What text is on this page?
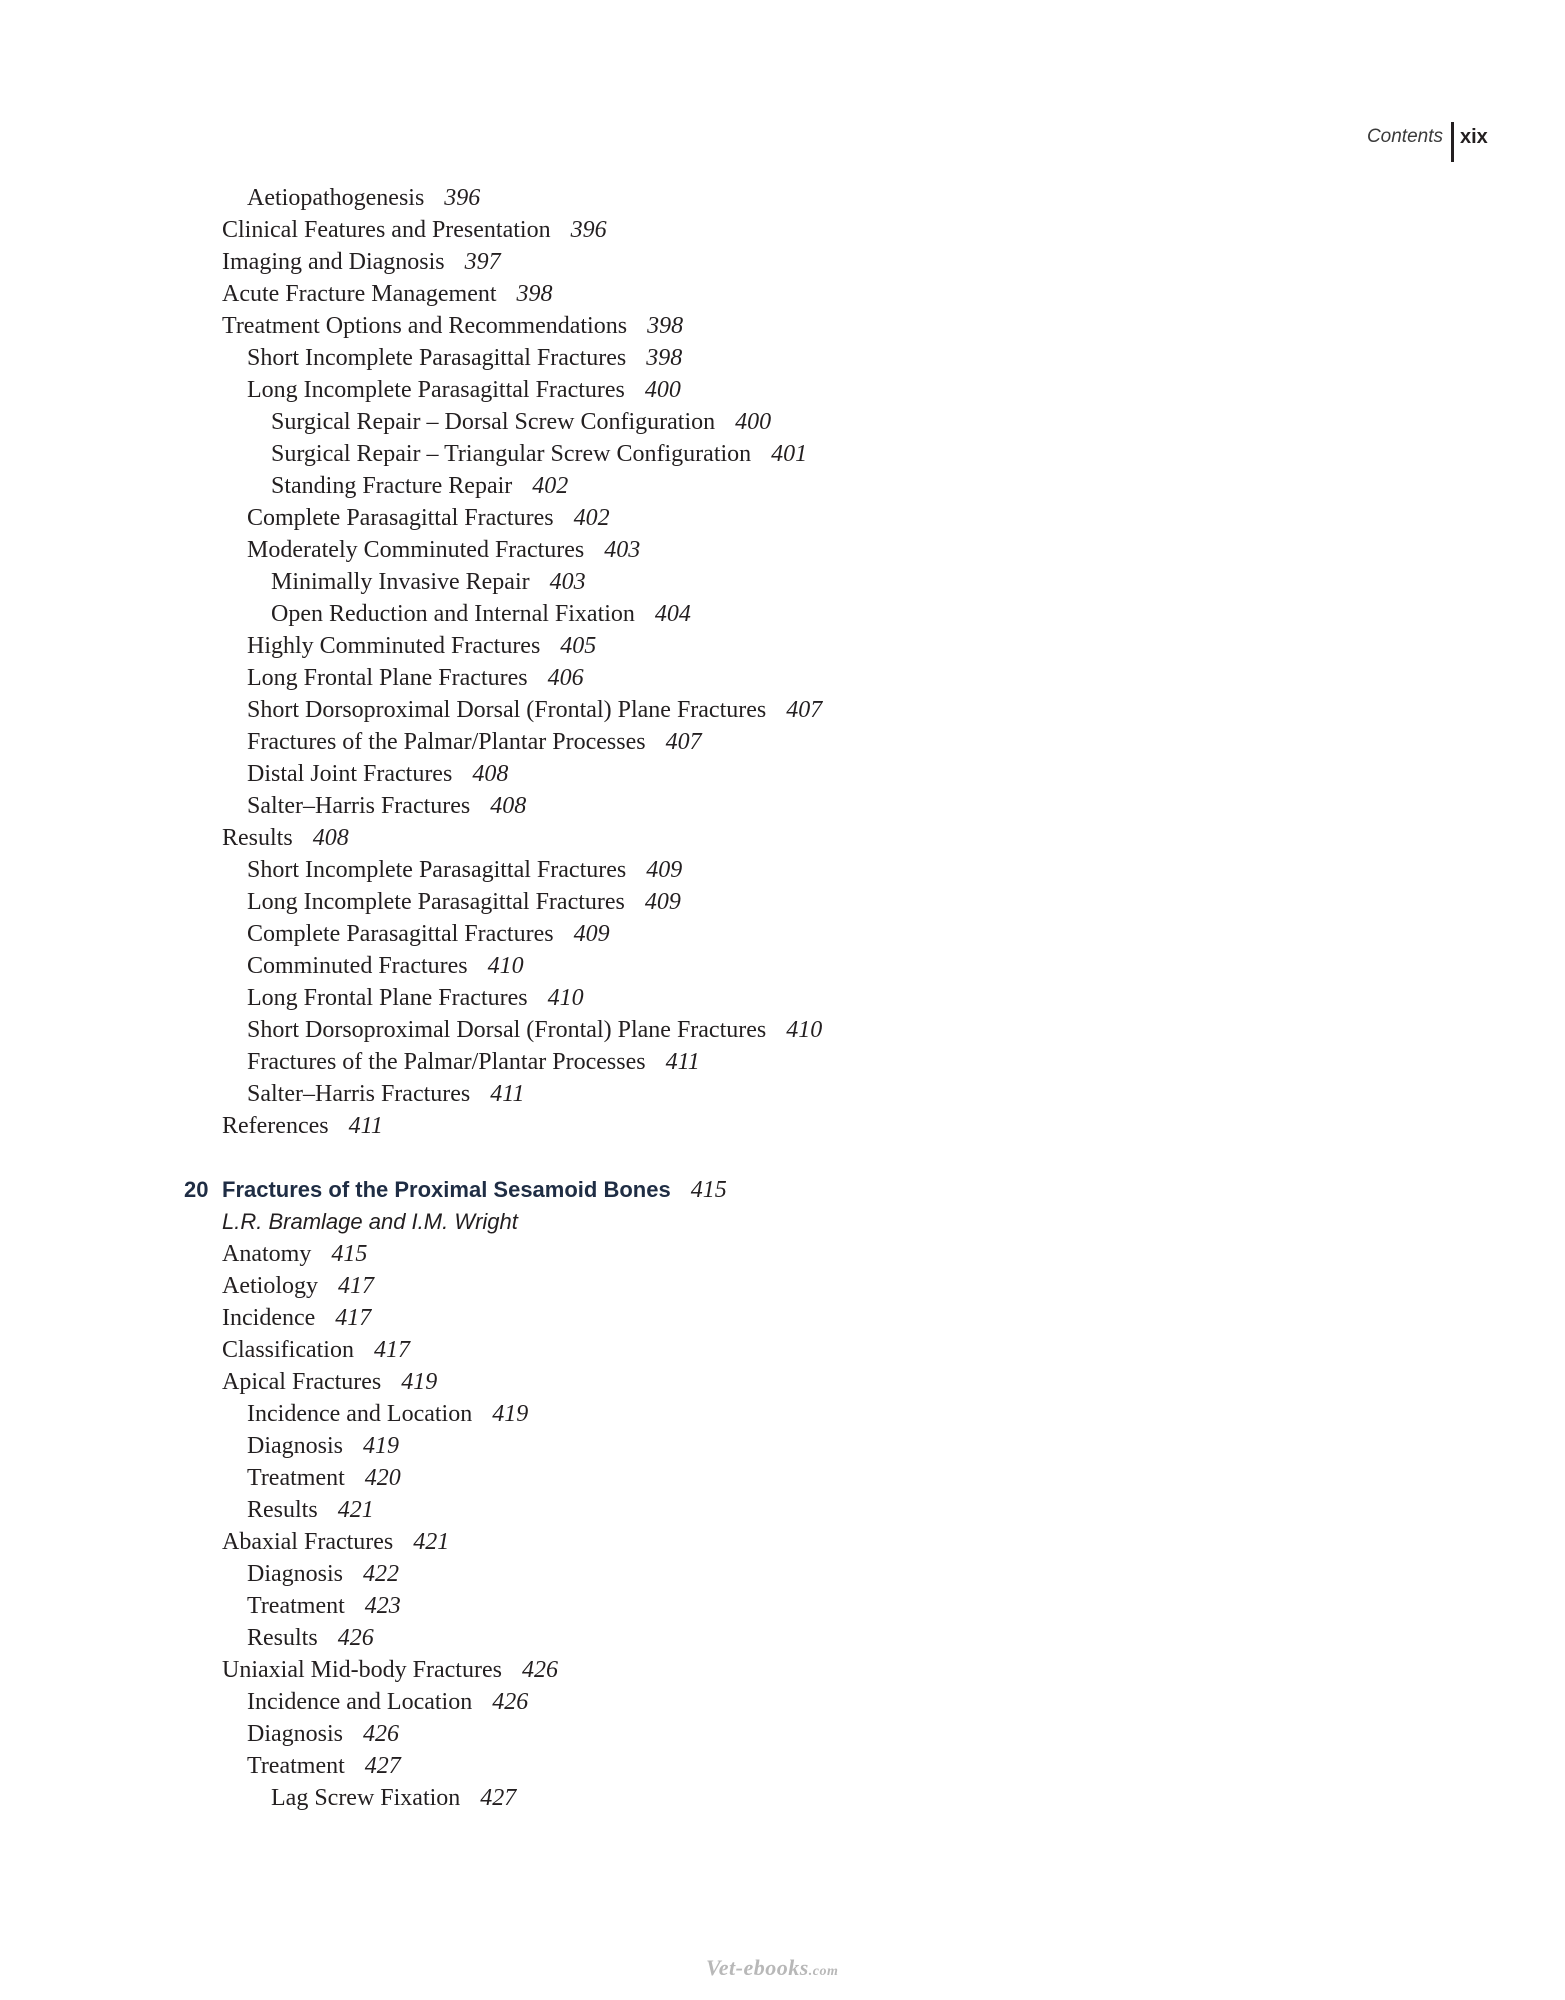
Contents xix
Aetiopathogenesis 396
Clinical Features and Presentation 396
Imaging and Diagnosis 397
Acute Fracture Management 398
Treatment Options and Recommendations 398
Short Incomplete Parasagittal Fractures 398
Long Incomplete Parasagittal Fractures 400
Surgical Repair – Dorsal Screw Configuration 400
Surgical Repair – Triangular Screw Configuration 401
Standing Fracture Repair 402
Complete Parasagittal Fractures 402
Moderately Comminuted Fractures 403
Minimally Invasive Repair 403
Open Reduction and Internal Fixation 404
Highly Comminuted Fractures 405
Long Frontal Plane Fractures 406
Short Dorsoproximal Dorsal (Frontal) Plane Fractures 407
Fractures of the Palmar/Plantar Processes 407
Distal Joint Fractures 408
Salter–Harris Fractures 408
Results 408
Short Incomplete Parasagittal Fractures 409
Long Incomplete Parasagittal Fractures 409
Complete Parasagittal Fractures 409
Comminuted Fractures 410
Long Frontal Plane Fractures 410
Short Dorsoproximal Dorsal (Frontal) Plane Fractures 410
Fractures of the Palmar/Plantar Processes 411
Salter–Harris Fractures 411
References 411
20 Fractures of the Proximal Sesamoid Bones 415
L.R. Bramlage and I.M. Wright
Anatomy 415
Aetiology 417
Incidence 417
Classification 417
Apical Fractures 419
Incidence and Location 419
Diagnosis 419
Treatment 420
Results 421
Abaxial Fractures 421
Diagnosis 422
Treatment 423
Results 426
Uniaxial Mid-body Fractures 426
Incidence and Location 426
Diagnosis 426
Treatment 427
Lag Screw Fixation 427
Vet-ebooks.com
